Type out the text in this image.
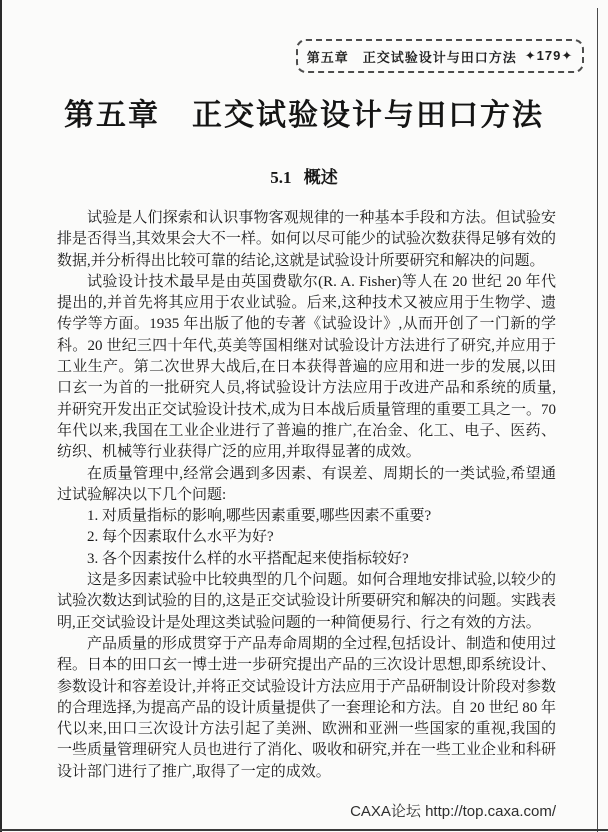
第五章　正交试验设计与田口方法 ✦179✦
第五章　正交试验设计与田口方法
5.1 概述

试验是人们探索和认识事物客观规律的一种基本手段和方法。但试验安排是否得当,其效果会大不一样。如何以尽可能少的试验次数获得足够有效的数据,并分析得出比较可靠的结论,这就是试验设计所要研究和解决的问题。

试验设计技术最早是由英国费歇尔(R. A. Fisher)等人在 20 世纪 20 年代提出的,并首先将其应用于农业试验。后来,这种技术又被应用于生物学、遗传学等方面。1935 年出版了他的专著《试验设计》,从而开创了一门新的学科。20 世纪三四十年代,英美等国相继对试验设计方法进行了研究,并应用于工业生产。第二次世界大战后,在日本获得普遍的应用和进一步的发展,以田口玄一为首的一批研究人员,将试验设计方法应用于改进产品和系统的质量,并研究开发出正交试验设计技术,成为日本战后质量管理的重要工具之一。70 年代以来,我国在工业企业进行了普遍的推广,在冶金、化工、电子、医药、纺织、机械等行业获得广泛的应用,并取得显著的成效。

在质量管理中,经常会遇到多因素、有误差、周期长的一类试验,希望通过试验解决以下几个问题:

1. 对质量指标的影响,哪些因素重要,哪些因素不重要?

2. 每个因素取什么水平为好?

3. 各个因素按什么样的水平搭配起来使指标较好?

这是多因素试验中比较典型的几个问题。如何合理地安排试验,以较少的试验次数达到试验的目的,这是正交试验设计所要研究和解决的问题。实践表明,正交试验设计是处理这类试验问题的一种简便易行、行之有效的方法。

产品质量的形成贯穿于产品寿命周期的全过程,包括设计、制造和使用过程。日本的田口玄一博士进一步研究提出产品的三次设计思想,即系统设计、参数设计和容差设计,并将正交试验设计方法应用于产品研制设计阶段对参数的合理选择,为提高产品的设计质量提供了一套理论和方法。自 20 世纪 80 年代以来,田口三次设计方法引起了美洲、欧洲和亚洲一些国家的重视,我国的一些质量管理研究人员也进行了消化、吸收和研究,并在一些工业企业和科研设计部门进行了推广,取得了一定的成效。

CAXA论坛 http://top.caxa.com/
